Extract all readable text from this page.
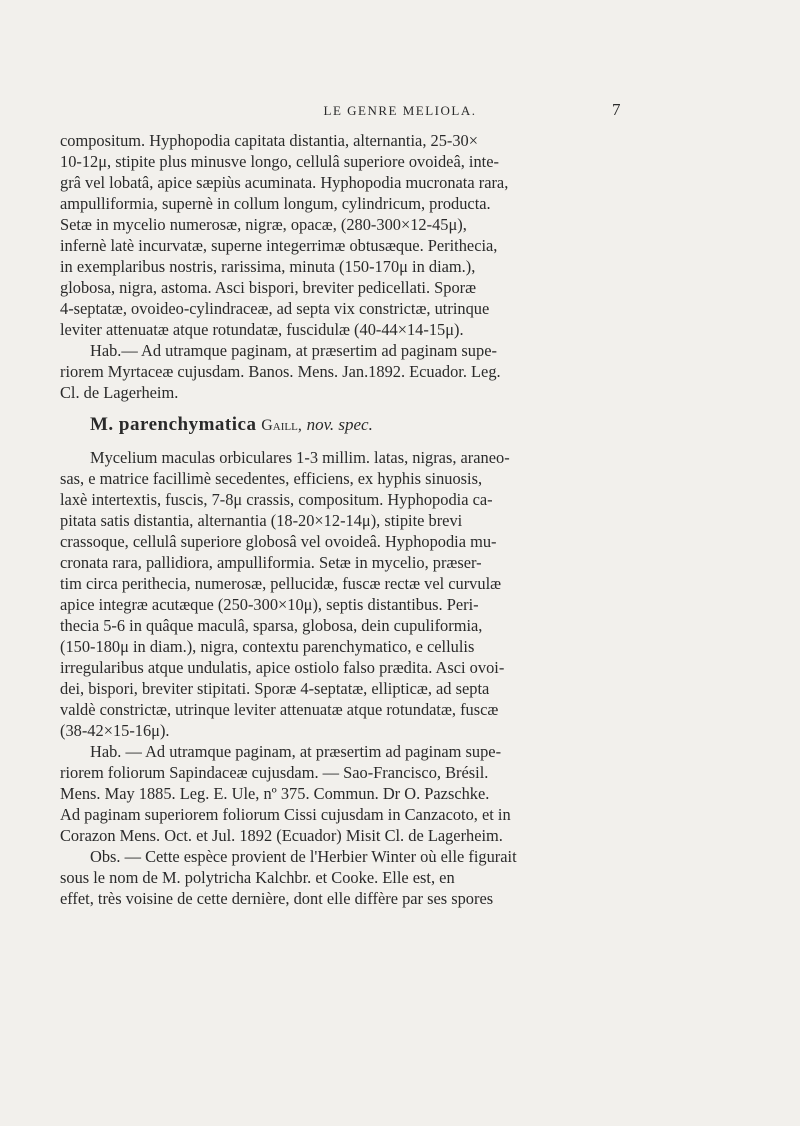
LE GENRE MELIOLA.	7
compositum. Hyphopodia capitata distantia, alternantia, 25-30×
10-12μ, stipite plus minusve longo, cellulâ superiore ovoideâ, inte-
grâ vel lobatâ, apice sæpiùs acuminata. Hyphopodia mucronata rara,
ampulliformia, supernè in collum longum, cylindricum, producta.
Setæ in mycelio numerosæ, nigræ, opacæ, (280-300×12-45μ),
infernè latè incurvatæ, superne integerrimæ obtusæque. Perithecia,
in exemplaribus nostris, rarissima, minuta (150-170μ in diam.),
globosa, nigra, astoma. Asci bispori, breviter pedicellati. Sporæ
4-septatæ, ovoideo-cylindraceæ, ad septa vix constrictæ, utrinque
leviter attenuatæ atque rotundatæ, fuscidulæ (40-44×14-15μ).
Hab.— Ad utramque paginam, at præsertim ad paginam supe-
riorem Myrtaceæ cujusdam. Banos. Mens. Jan.1892. Ecuador. Leg.
Cl. de Lagerheim.
M. parenchymatica Gaill, nov. spec.
Mycelium maculas orbiculares 1-3 millim. latas, nigras, araneo-
sas, e matrice facillimè secedentes, efficiens, ex hyphis sinuosis,
laxè intertextis, fuscis, 7-8μ crassis, compositum. Hyphopodia ca-
pitata satis distantia, alternantia (18-20×12-14μ), stipite brevi
crassoque, cellulâ superiore globosâ vel ovoideâ. Hyphopodia mu-
cronata rara, pallidiora, ampulliformia. Setæ in mycelio, præser-
tim circa perithecia, numerosæ, pellucidæ, fuscæ rectæ vel curvulæ
apice integræ acutæque (250-300×10μ), septis distantibus. Peri-
thecia 5-6 in quâque maculâ, sparsa, globosa, dein cupuliformia,
(150-180μ in diam.), nigra, contextu parenchymatico, e cellulis
irregularibus atque undulatis, apice ostiolo falso prædita. Asci ovoi-
dei, bispori, breviter stipitati. Sporæ 4-septatæ, ellipticæ, ad septa
valdè constrictæ, utrinque leviter attenuatæ atque rotundatæ, fuscæ
(38-42×15-16μ).
Hab. — Ad utramque paginam, at præsertim ad paginam supe-
riorem foliorum Sapindaceæ cujusdam. — Sao-Francisco, Brésil.
Mens. May 1885. Leg. E. Ule, nº 375. Commun. Dr O. Pazschke.
Ad paginam superiorem foliorum Cissi cujusdam in Canzacoto, et in
Corazon Mens. Oct. et Jul. 1892 (Ecuador) Misit Cl. de Lagerheim.
Obs. — Cette espèce provient de l'Herbier Winter où elle figurait
sous le nom de M. polytricha Kalchbr. et Cooke. Elle est, en
effet, très voisine de cette dernière, dont elle diffère par ses spores
